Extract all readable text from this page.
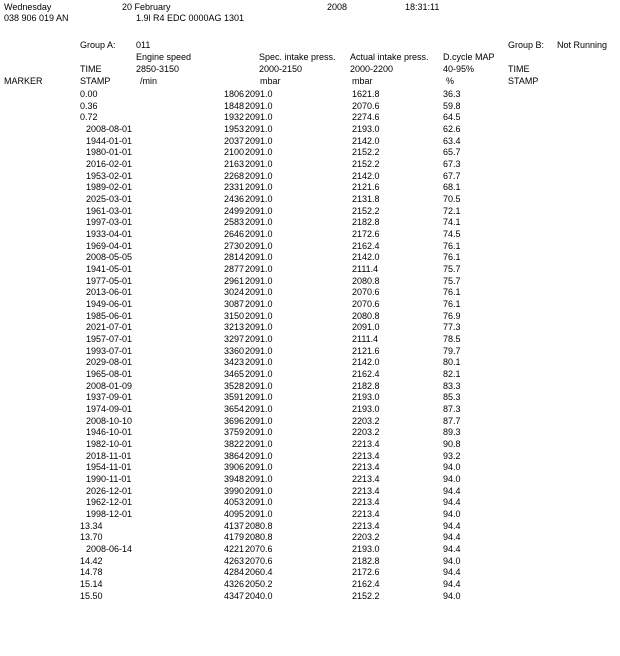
Wednesday	20 February	2008	18:31:11
038 906 019 AN	1.9l R4 EDC 0000AG 1301
Group A: 011
Engine speed	Spec. intake press. Actual intake press. D.cycle MAP
TIME	2850-3150	2000-2150	2000-2200	40-95%
MARKER	STAMP	/min	mbar	mbar	%
Group B: Not Running
TIME
STAMP
0.00	1806 2091.0	1621.8	36.3
0.36	1848 2091.0	2070.6	59.8
0.72	1932 2091.0	2274.6	64.5
2008-08-01	1953 2091.0	2193.0	62.6
1944-01-01	2037 2091.0	2142.0	63.4
1980-01-01	2100 2091.0	2152.2	65.7
2016-02-01	2163 2091.0	2152.2	67.3
1953-02-01	2268 2091.0	2142.0	67.7
1989-02-01	2331 2091.0	2121.6	68.1
2025-03-01	2436 2091.0	2131.8	70.5
1961-03-01	2499 2091.0	2152.2	72.1
1997-03-01	2583 2091.0	2182.8	74.1
1933-04-01	2646 2091.0	2172.6	74.5
1969-04-01	2730 2091.0	2162.4	76.1
2008-05-05	2814 2091.0	2142.0	76.1
1941-05-01	2877 2091.0	2111.4	75.7
1977-05-01	2961 2091.0	2080.8	75.7
2013-06-01	3024 2091.0	2070.6	76.1
1949-06-01	3087 2091.0	2070.6	76.1
1985-06-01	3150 2091.0	2080.8	76.9
2021-07-01	3213 2091.0	2091.0	77.3
1957-07-01	3297 2091.0	2111.4	78.5
1993-07-01	3360 2091.0	2121.6	79.7
2029-08-01	3423 2091.0	2142.0	80.1
1965-08-01	3465 2091.0	2162.4	82.1
2008-01-09	3528 2091.0	2182.8	83.3
1937-09-01	3591 2091.0	2193.0	85.3
1974-09-01	3654 2091.0	2193.0	87.3
2008-10-10	3696 2091.0	2203.2	87.7
1946-10-01	3759 2091.0	2203.2	89.3
1982-10-01	3822 2091.0	2213.4	90.8
2018-11-01	3864 2091.0	2213.4	93.2
1954-11-01	3906 2091.0	2213.4	94.0
1990-11-01	3948 2091.0	2213.4	94.0
2026-12-01	3990 2091.0	2213.4	94.4
1962-12-01	4053 2091.0	2213.4	94.4
1998-12-01	4095 2091.0	2213.4	94.0
13.34	4137 2080.8	2213.4	94.4
13.70	4179 2080.8	2203.2	94.4
2008-06-14	4221 2070.6	2193.0	94.4
14.42	4263 2070.6	2182.8	94.0
14.78	4284 2060.4	2172.6	94.4
15.14	4326 2050.2	2162.4	94.4
15.50	4347 2040.0	2152.2	94.0
